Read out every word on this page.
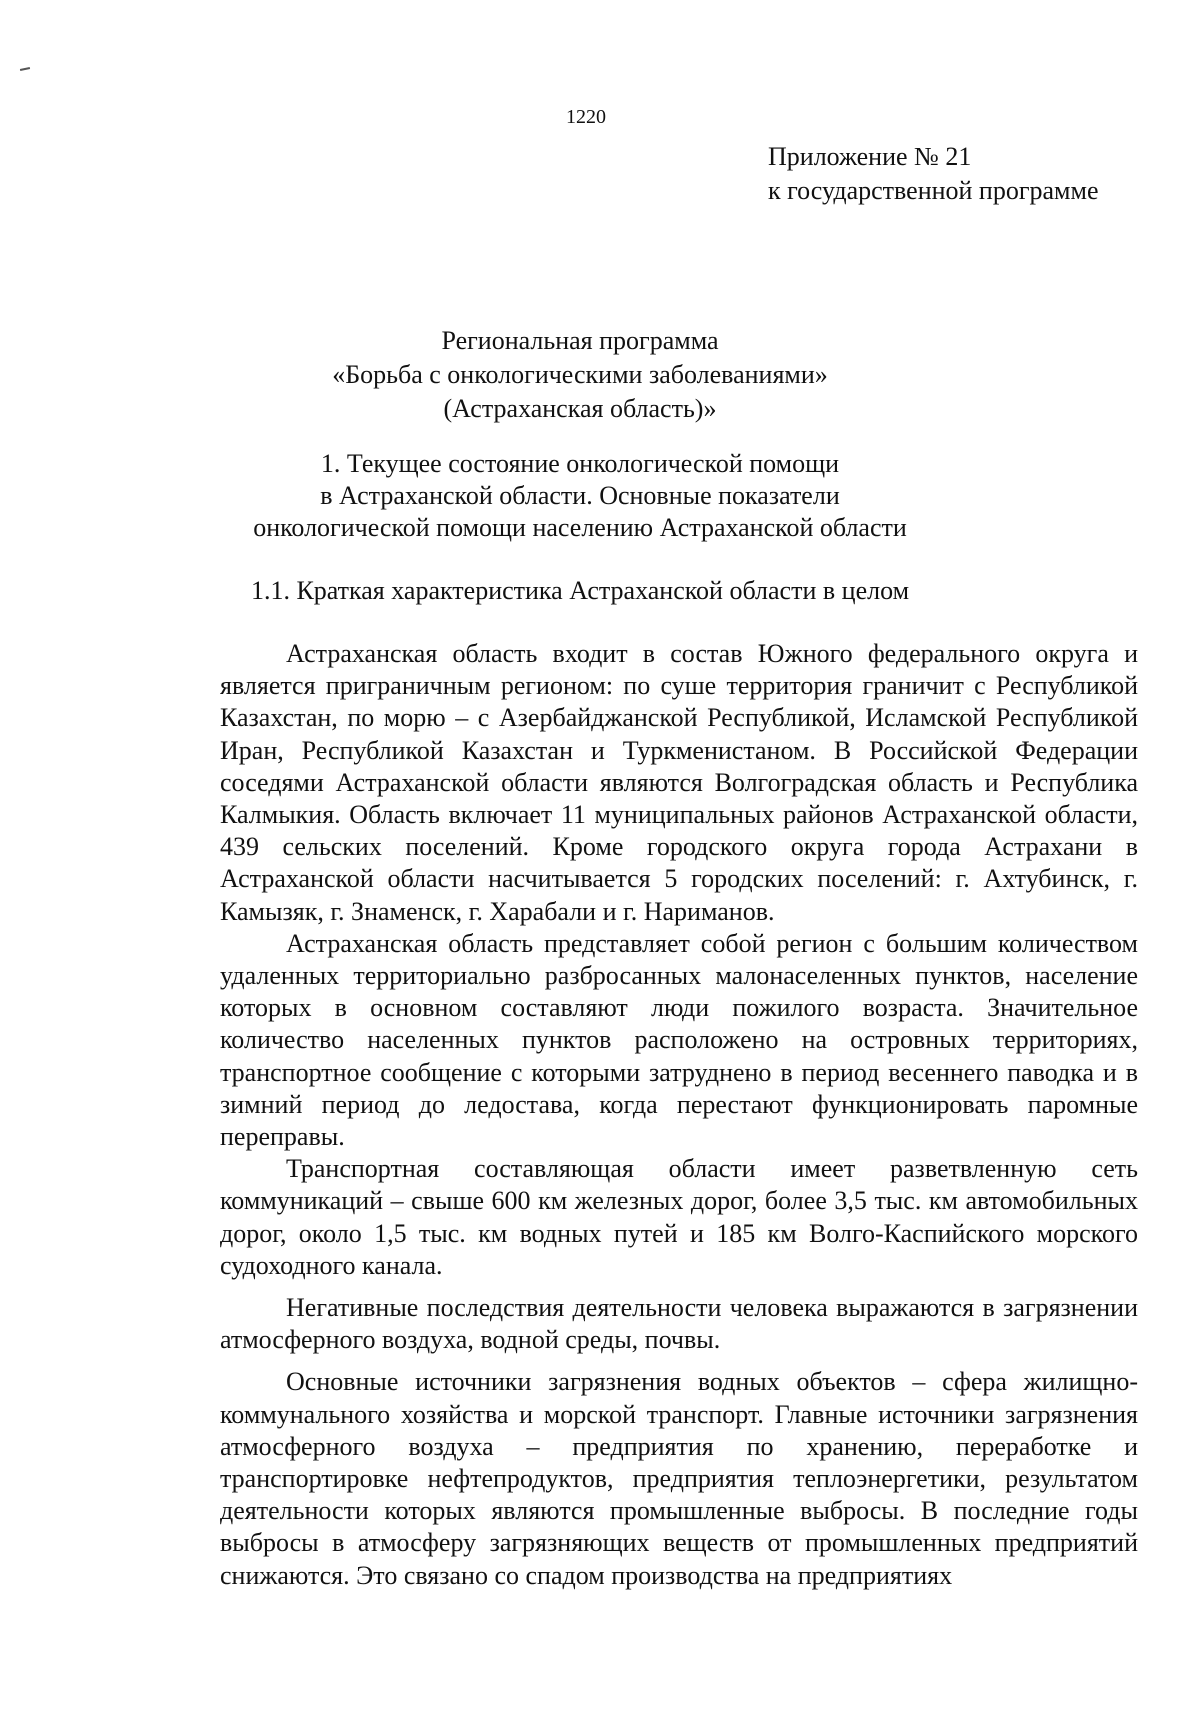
1220
Приложение № 21
к государственной программе
Региональная программа
«Борьба с онкологическими заболеваниями»
(Астраханская область)»
1. Текущее состояние онкологической помощи
в Астраханской области. Основные показатели
онкологической помощи населению Астраханской области
1.1. Краткая характеристика Астраханской области в целом

Астраханская область входит в состав Южного федерального округа и является приграничным регионом: по суше территория граничит с Республикой Казахстан, по морю – с Азербайджанской Республикой, Исламской Республикой Иран, Республикой Казахстан и Туркменистаном. В Российской Федерации соседями Астраханской области являются Волгоградская область и Республика Калмыкия. Область включает 11 муниципальных районов Астраханской области, 439 сельских поселений. Кроме городского округа города Астрахани в Астраханской области насчитывается 5 городских поселений: г. Ахтубинск, г. Камызяк, г. Знаменск, г. Харабали и г. Нариманов.

Астраханская область представляет собой регион с большим количеством удаленных территориально разбросанных малонаселенных пунктов, население которых в основном составляют люди пожилого возраста. Значительное количество населенных пунктов расположено на островных территориях, транспортное сообщение с которыми затруднено в период весеннего паводка и в зимний период до ледостава, когда перестают функционировать паромные переправы.

Транспортная составляющая области имеет разветвленную сеть коммуникаций – свыше 600 км железных дорог, более 3,5 тыс. км автомобильных дорог, около 1,5 тыс. км водных путей и 185 км Волго-Каспийского морского судоходного канала.

Негативные последствия деятельности человека выражаются в загрязнении атмосферного воздуха, водной среды, почвы.

Основные источники загрязнения водных объектов – сфера жилищно-коммунального хозяйства и морской транспорт. Главные источники загрязнения атмосферного воздуха – предприятия по хранению, переработке и транспортировке нефтепродуктов, предприятия теплоэнергетики, результатом деятельности которых являются промышленные выбросы. В последние годы выбросы в атмосферу загрязняющих веществ от промышленных предприятий снижаются. Это связано со спадом производства на предприятиях
